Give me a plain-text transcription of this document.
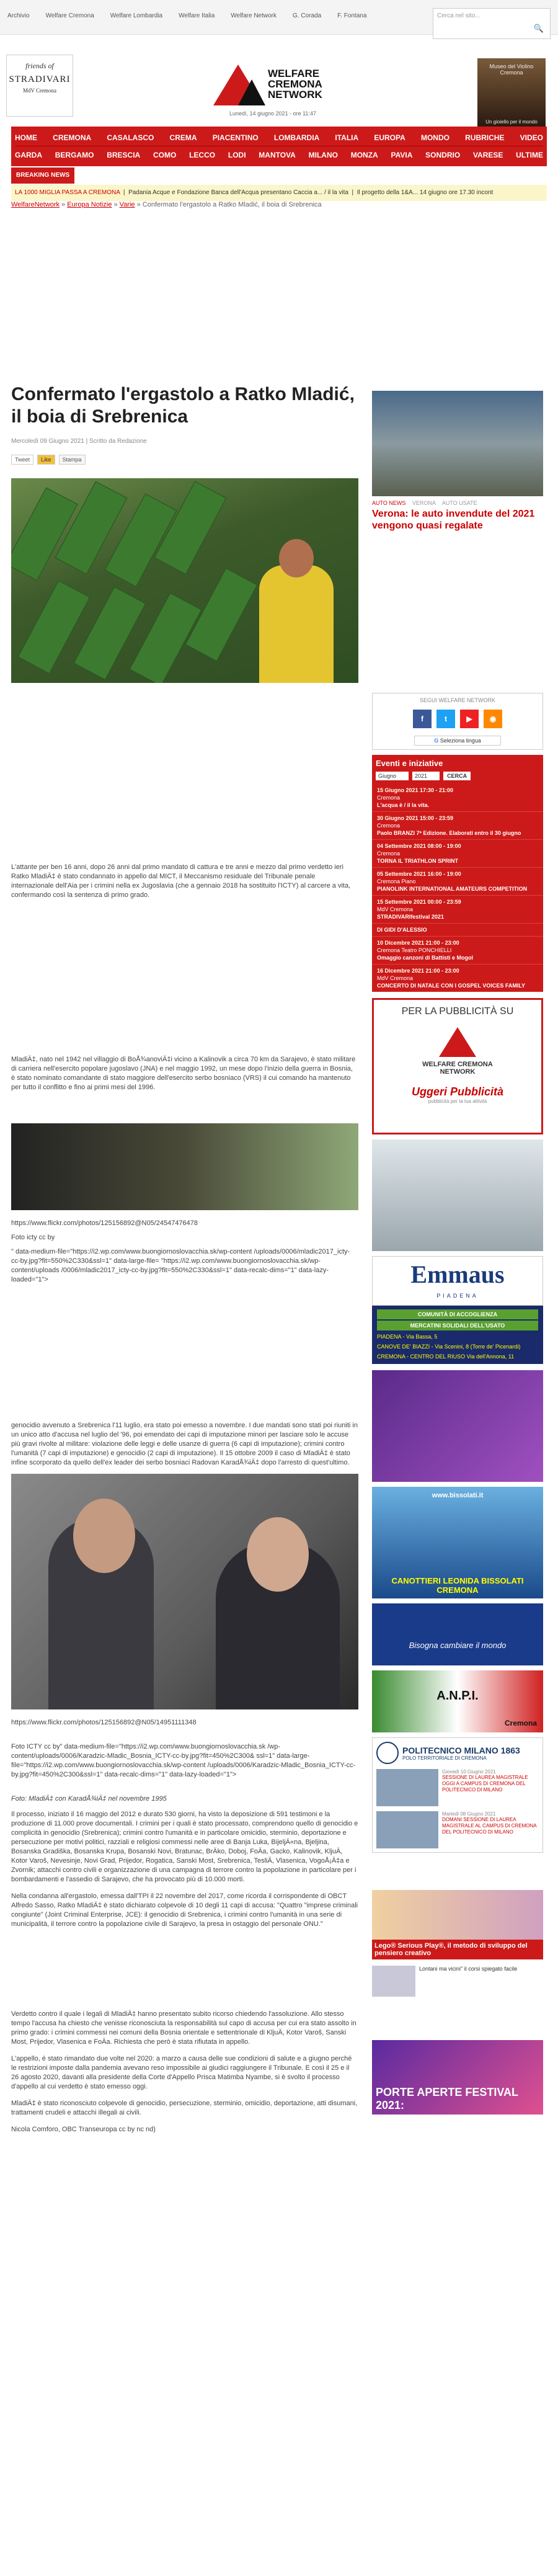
Archivio	Welfare Cremona	Welfare Lombardia	Welfare Italia	Welfare Network	G. Corada	F. Fontana	Cerca nel sito...
🔍
friends of
STRADIVARI
MdV Cremona
WELFARE CREMONA NETWORK
Lunedì, 14 giugno 2021 - ore 11:47
Museo del Violino
Cremona
Un gioiello per il mondo
HOME CREMONA CASALASCO CREMA PIACENTINO LOMBARDIA ITALIA EUROPA MONDO RUBRICHE VIDEO
GARDA BERGAMO BRESCIA COMO LECCO LODI MANTOVA MILANO MONZA PAVIA SONDRIO VARESE ULTIME
BREAKING NEWS
LA 1000 MIGLIA PASSA A CREMONA  |  Padania Acque e Fondazione Banca dell'Acqua presentano Caccia a... / il la vita  |  Il progetto della 1&A... 14 giugno ore 17.30 incont
WelfareNetwork » Europa Notizie » Varie » Confermato l'ergastolo a Ratko Mladić, il boia di Srebrenica
Confermato l'ergastolo a Ratko Mladić, il boia di Srebrenica
Mercoledì 09 Giugno 2021 | Scritto da Redazione
Tweet	Like	Stampa

L'attante per ben 16 anni, dopo 26 anni dal primo mandato di cattura e tre anni e mezzo dal primo verdetto ieri Ratko MladiÄ‡ è stato condannato in appello dal MICT, il Meccanismo residuale del Tribunale penale internazionale dell'Aia per i crimini nella ex Jugoslavia (che a gennaio 2018 ha sostituito l'ICTY) al carcere a vita, confermando così la sentenza di primo grado.

MladiÄ‡, nato nel 1942 nel villaggio di BoÅ¾anoviÄ‡i vicino a Kalinovik a circa 70 km da Sarajevo, è stato militare di carriera nell'esercito popolare jugoslavo (JNA) e nel maggio 1992, un mese dopo l'inizio della guerra in Bosnia, è stato nominato comandante di stato maggiore dell'esercito serbo bosniaco (VRS) il cui comando ha mantenuto per tutto il conflitto e fino ai primi mesi del 1996.

https://www.flickr.com/photos/125156892@N05/24547476478

Foto icty cc by

" data-medium-file="https://i2.wp.com/www.buongiornoslovacchia.sk/wp-content /uploads/0006/mladic2017_icty-cc-by.jpg?fit=550%2C330&ssl=1" data-large-file= "https://i2.wp.com/www.buongiornoslovacchia.sk/wp-content/uploads /0006/mladic2017_icty-cc-by.jpg?fit=550%2C330&ssl=1" data-recalc-dims="1" data-lazy-loaded="1">

genocidio avvenuto a Srebrenica l'11 luglio, era stato poi emesso a novembre. I due mandati sono stati poi riuniti in un unico atto d'accusa nel luglio del '96, poi emendato dei capi di imputazione minori per lasciare solo le accuse più gravi rivolte al militare: violazione delle leggi e delle usanze di guerra (6 capi di imputazione); crimini contro l'umanità (7 capi di imputazione) e genocidio (2 capi di imputazione). Il 15 ottobre 2009 il caso di MladiÄ‡ è stato infine scorporato da quello dell'ex leader dei serbo bosniaci Radovan KaradÅ¾iÄ‡ dopo l'arresto di quest'ultimo.

https://www.flickr.com/photos/125156892@N05/14951111348

Foto ICTY cc by" data-medium-file="https://i2.wp.com/www.buongiornoslovacchia.sk /wp-content/uploads/0006/Karadzic-Mladic_Bosnia_ICTY-cc-by.jpg?fit=450%2C300& ssl=1" data-large-file="https://i2.wp.com/www.buongiornoslovacchia.sk/wp-content /uploads/0006/Karadzic-Mladic_Bosnia_ICTY-cc-by.jpg?fit=450%2C300&ssl=1" data-recalc-dims="1" data-lazy-loaded="1">

Foto: MladiÄ‡ con KaradÅ¾iÄ‡ nel novembre 1995

Il processo, iniziato il 16 maggio del 2012 e durato 530 giorni, ha visto la deposizione di 591 testimoni e la produzione di 11.000 prove documentali. I crimini per i quali è stato processato, comprendono quello di genocidio e complicità in genocidio (Srebrenica); crimini contro l'umanità e in particolare omicidio, sterminio, deportazione e persecuzione per motivi politici, razziali e religiosi commessi nelle aree di Banja Luka, BijeljÄ«na, Bjeljina, Bosanska Gradiška, Bosanska Krupa, Bosanski Novi, Bratunac, BrÄko, Doboj, FoÄa, Gacko, Kalinovik, KljuÄ, Kotor Varoš, Nevesinje, Novi Grad, Prijedor, Rogatica, Sanski Most, Srebrenica, TesliÄ, Vlasenica, VogoÅ¡Ä‡a e Zvornik; attacchi contro civili e organizzazione di una campagna di terrore contro la popolazione in particolare per i bombardamenti e l'assedio di Sarajevo, che ha provocato più di 10.000 morti.

Nella condanna all'ergastolo, emessa dall'TPI il 22 novembre del 2017, come ricorda il corrispondente di OBCT Alfredo Sasso, Ratko MladiÄ‡ è stato dichiarato colpevole di 10 degli 11 capi di accusa: "Quattro "imprese criminali congiunte" (Joint Criminal Enterprise, JCE): il genocidio di Srebrenica, i crimini contro l'umanità in una serie di municipalità, il terrore contro la popolazione civile di Sarajevo, la presa in ostaggio del personale ONU."

Verdetto contro il quale i legali di MladiÄ‡ hanno presentato subito ricorso chiedendo l'assoluzione. Allo stesso tempo l'accusa ha chiesto che venisse riconosciuta la responsabilità sul capo di accusa per cui era stato assolto in primo grado: i crimini commessi nei comuni della Bosnia orientale e settentrionale di KljuÄ, Kotor Varoš, Sanski Most, Prijedor, Vlasenica e FoÄa. Richiesta che però è stata rifiutata in appello.

L'appello, è stato rimandato due volte nel 2020: a marzo a causa delle sue condizioni di salute e a giugno perché le restrizioni imposte dalla pandemia avevano reso impossibile ai giudici raggiungere il Tribunale. E così il 25 e il 26 agosto 2020, davanti alla presidente della Corte d'Appello Prisca Matimba Nyambe, si è svolto il processo d'appello al cui verdetto è stato emesso oggi.

MladiÄ‡ è stato riconosciuto colpevole di genocidio, persecuzione, sterminio, omicidio, deportazione, atti disumani, trattamenti crudeli e attacchi illegali ai civili.

Nicola Comforo, OBC Transeuropa cc by nc nd)

AUTO NEWS VERONA AUTO USATE
Verona: le auto invendute del 2021 vengono quasi regalate
SEGUI WELFARE NETWORK
f	t	▶	◉
G Seleziona lingua
Eventi e iniziative
Giugno	2021	CERCA
15 Giugno 2021 17:30 - 21:00
Cremona
L'acqua è / il la vita.
30 Giugno 2021 15:00 - 23:59
Cremona
Paolo BRANZI 7ª Edizione. Elaborati entro il 30 giugno
04 Settembre 2021 08:00 - 19:00
Cremona
TORNA IL TRIATHLON SPRINT
05 Settembre 2021 16:00 - 19:00
Cremona Piano
PIANOLINK INTERNATIONAL AMATEURS COMPETITION
15 Settembre 2021 00:00 - 23:59
MdV Cremona
STRADIVARIfestival 2021
DI GIDI D'ALESSIO
10 Dicembre 2021 21:00 - 23:00
Cremona Teatro PONCHIELLI
Omaggio canzoni di Battisti e Mogol
16 Dicembre 2021 21:00 - 23:00
MdV Cremona
CONCERTO DI NATALE CON I GOSPEL VOICES FAMILY
PER LA PUBBLICITÀ SU
WELFARE CREMONA NETWORK
Uggeri Pubblicità
pubblicità per la tua attività
Emmaus
PIADENA
COMUNITÀ DI ACCOGLIENZA
MERCATINI SOLIDALI DELL'USATO
PIADENA - Via Bassa, 5
CANOVE DE' BIAZZI - Via Scenini, 8 (Torre de' Picenardi)
CREMONA - CENTRO DEL RIUSO Via dell'Annona, 11
www.bissolati.it
CANOTTIERI LEONIDA BISSOLATI CREMONA
Bisogna cambiare il mondo
A.N.P.I.
Cremona
POLITECNICO MILANO 1863
POLO TERRITORIALE DI CREMONA
Giovedì 10 Giugno 2021
SESSIONE DI LAUREA MAGISTRALE OGGI A CAMPUS DI CREMONA DEL POLITECNICO DI MILANO
Martedì 08 Giugno 2021
DOMANI SESSIONE DI LAUREA MAGISTRALE AL CAMPUS DI CREMONA DEL POLITECNICO DI MILANO
Lego® Serious Play®, il metodo di sviluppo del pensiero creativo
Lontani ma vicini" il corsi spiegato facile
PORTE APERTE FESTIVAL 2021:
